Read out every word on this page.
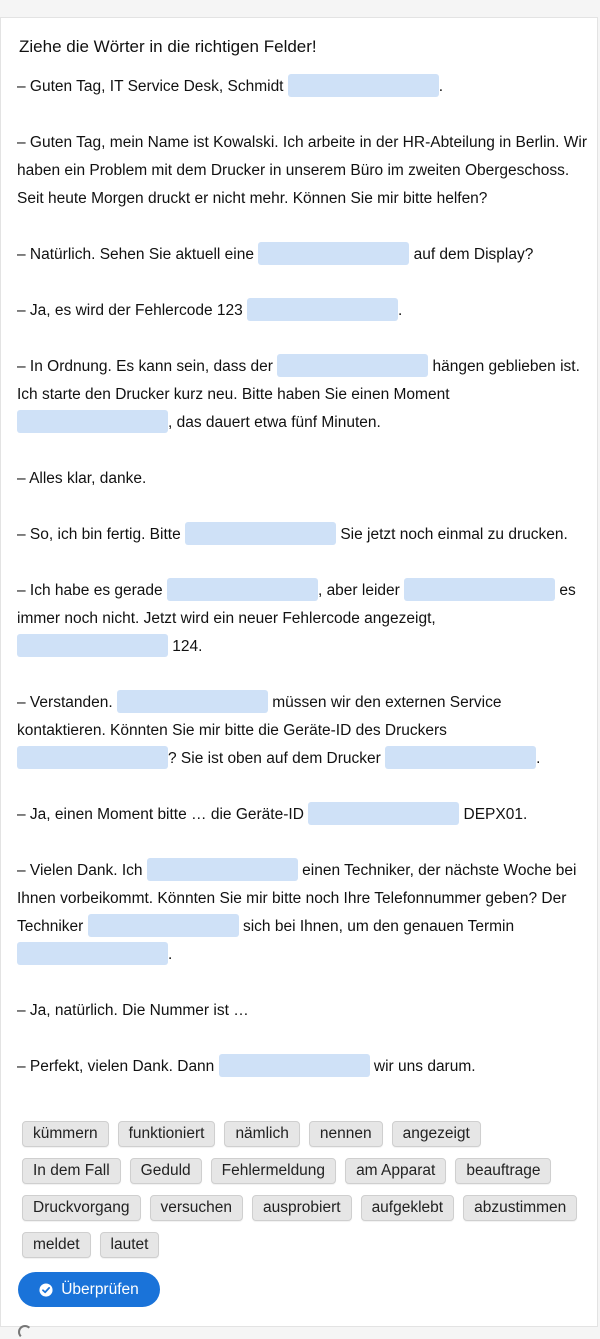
Ziehe die Wörter in die richtigen Felder!

– Guten Tag, IT Service Desk, Schmidt	.

– Guten Tag, mein Name ist Kowalski. Ich arbeite in der HR-Abteilung in Berlin. Wir haben ein Problem mit dem Drucker in unserem Büro im zweiten Obergeschoss. Seit heute Morgen druckt er nicht mehr. Können Sie mir bitte helfen?

– Natürlich. Sehen Sie aktuell eine	auf dem Display?

– Ja, es wird der Fehlercode 123	.

– In Ordnung. Es kann sein, dass der	hängen geblieben ist. Ich starte den Drucker kurz neu. Bitte haben Sie einen Moment , das dauert etwa fünf Minuten.

– Alles klar, danke.

– So, ich bin fertig. Bitte	Sie jetzt noch einmal zu drucken.

– Ich habe es gerade	, aber leider	es immer noch nicht. Jetzt wird ein neuer Fehlercode angezeigt,  124.

– Verstanden.	müssen wir den externen Service kontaktieren. Könnten Sie mir bitte die Geräte-ID des Druckers ? Sie ist oben auf dem Drucker	.

– Ja, einen Moment bitte … die Geräte-ID	DEPX01.

– Vielen Dank. Ich	einen Techniker, der nächste Woche bei Ihnen vorbeikommt. Könnten Sie mir bitte noch Ihre Telefonnummer geben? Der Techniker	sich bei Ihnen, um den genauen Termin .

– Ja, natürlich. Die Nummer ist …

– Perfekt, vielen Dank. Dann	wir uns darum.

kümmern	funktioniert	nämlich	nennen	angezeigt
In dem Fall	Geduld	Fehlermeldung	am Apparat	beauftrage
Druckvorgang	versuchen	ausprobiert	aufgeklebt	abzustimmen
meldet	lautet
Überprüfen
